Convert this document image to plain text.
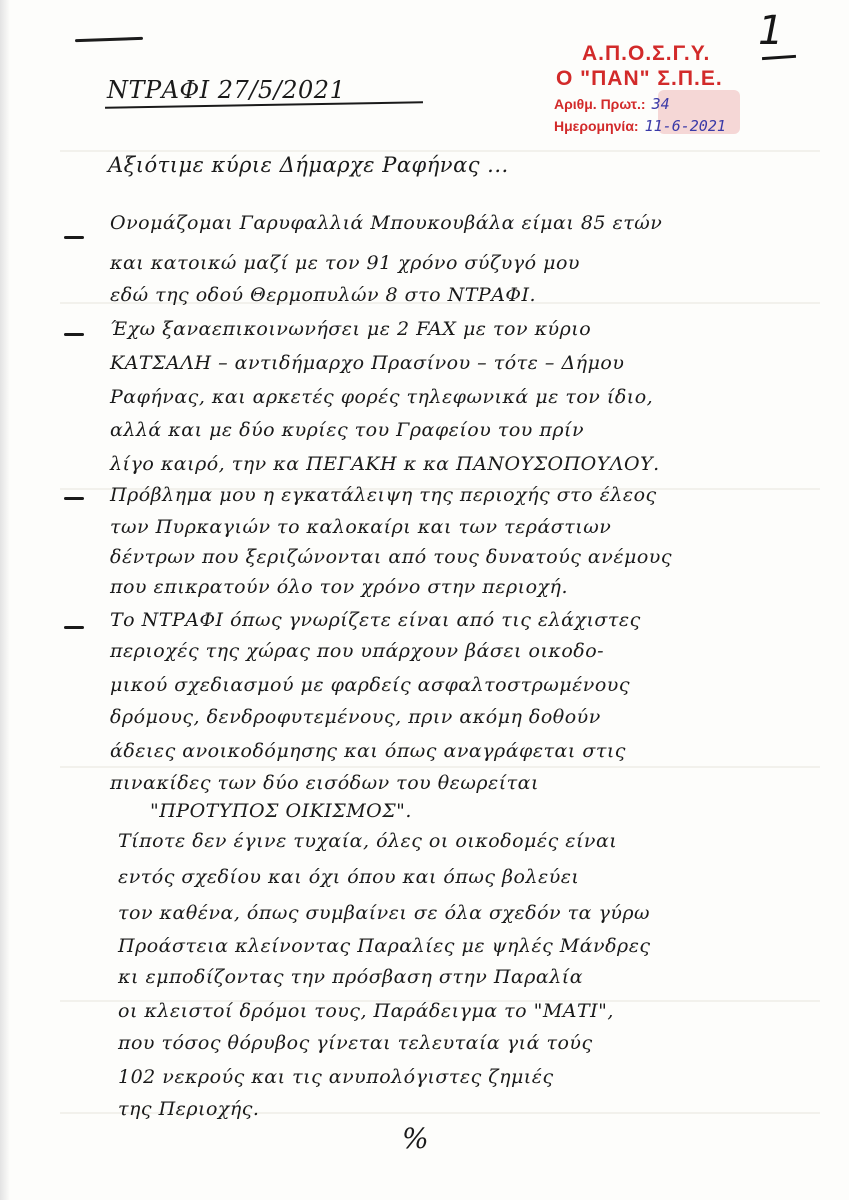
1
Α.Π.Ο.Σ.Γ.Υ.
Ο "ΠΑΝ" Σ.Π.Ε.
Αριθμ. Πρωτ.: 34
Ημερομηνία: 11-6-2021
ΝΤΡΑΦΙ 27/5/2021
Αξιότιμε κύριε Δήμαρχε Ραφήνας ...
Ονομάζομαι Γαρυφαλλιά Μπουκουβάλα είμαι 85 ετών
και κατοικώ μαζί με τον 91 χρόνο σύζυγό μου
εδώ της οδού Θερμοπυλών 8 στο ΝΤΡΑΦΙ.
Έχω ξαναεπικοινωνήσει με 2 FAX με τον κύριο
ΚΑΤΣΑΛΗ – αντιδήμαρχο Πρασίνου – τότε – Δήμου
Ραφήνας, και αρκετές φορές τηλεφωνικά με τον ίδιο,
αλλά και με δύο κυρίες του Γραφείου του πρίν
λίγο καιρό, την κα ΠΕΓΑΚΗ κ κα ΠΑΝΟΥΣΟΠΟΥΛΟΥ.
Πρόβλημα μου η εγκατάλειψη της περιοχής στο έλεος
των Πυρκαγιών το καλοκαίρι και των τεράστιων
δέντρων που ξεριζώνονται από τους δυνατούς ανέμους
που επικρατούν όλο τον χρόνο στην περιοχή.
Το ΝΤΡΑΦΙ όπως γνωρίζετε είναι από τις ελάχιστες
περιοχές της χώρας που υπάρχουν βάσει οικοδο-
μικού σχεδιασμού με φαρδείς ασφαλτοστρωμένους
δρόμους, δενδροφυτεμένους, πριν ακόμη δοθούν
άδειες ανοικοδόμησης και όπως αναγράφεται στις
πινακίδες των δύο εισόδων του θεωρείται
"ΠΡΟΤΥΠΟΣ ΟΙΚΙΣΜΟΣ".
Τίποτε δεν έγινε τυχαία, όλες οι οικοδομές είναι
εντός σχεδίου και όχι όπου και όπως βολεύει
τον καθένα, όπως συμβαίνει σε όλα σχεδόν τα γύρω
Προάστεια κλείνοντας Παραλίες με ψηλές Μάνδρες
κι εμποδίζοντας την πρόσβαση στην Παραλία
οι κλειστοί δρόμοι τους, Παράδειγμα το "ΜΑΤΙ",
που τόσος θόρυβος γίνεται τελευταία γιά τούς
102 νεκρούς και τις ανυπολόγιστες ζημιές
της Περιοχής.
%
